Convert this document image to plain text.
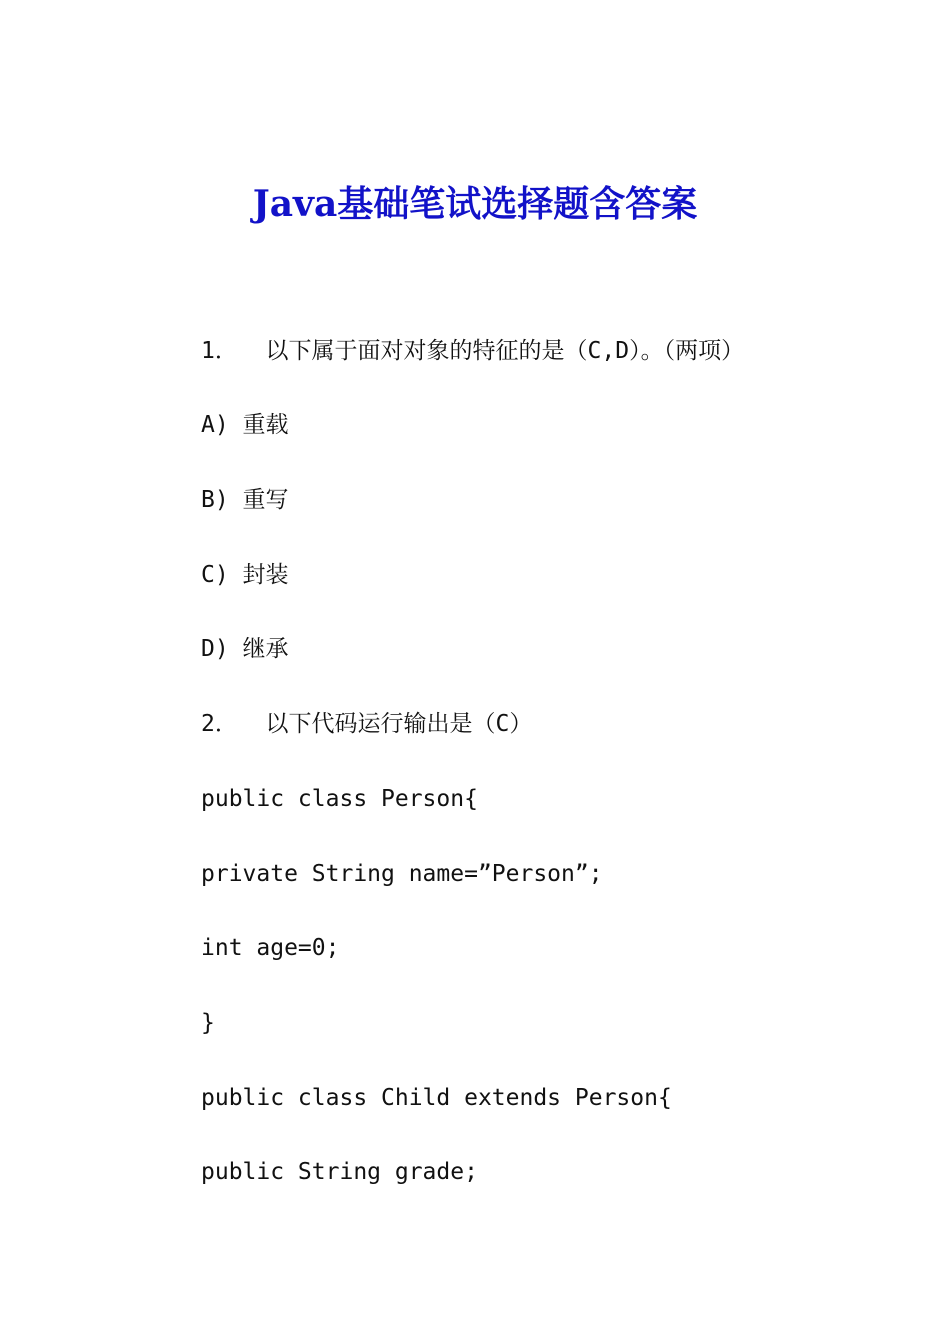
Java基础笔试选择题含答案
1．  以下属于面对对象的特征的是（C,D）。（两项）
A) 重载
B) 重写
C) 封装
D) 继承
2．  以下代码运行输出是（C）
public class Person{
private String name=”Person”;
int age=0;
}
public class Child extends Person{
public String grade;
